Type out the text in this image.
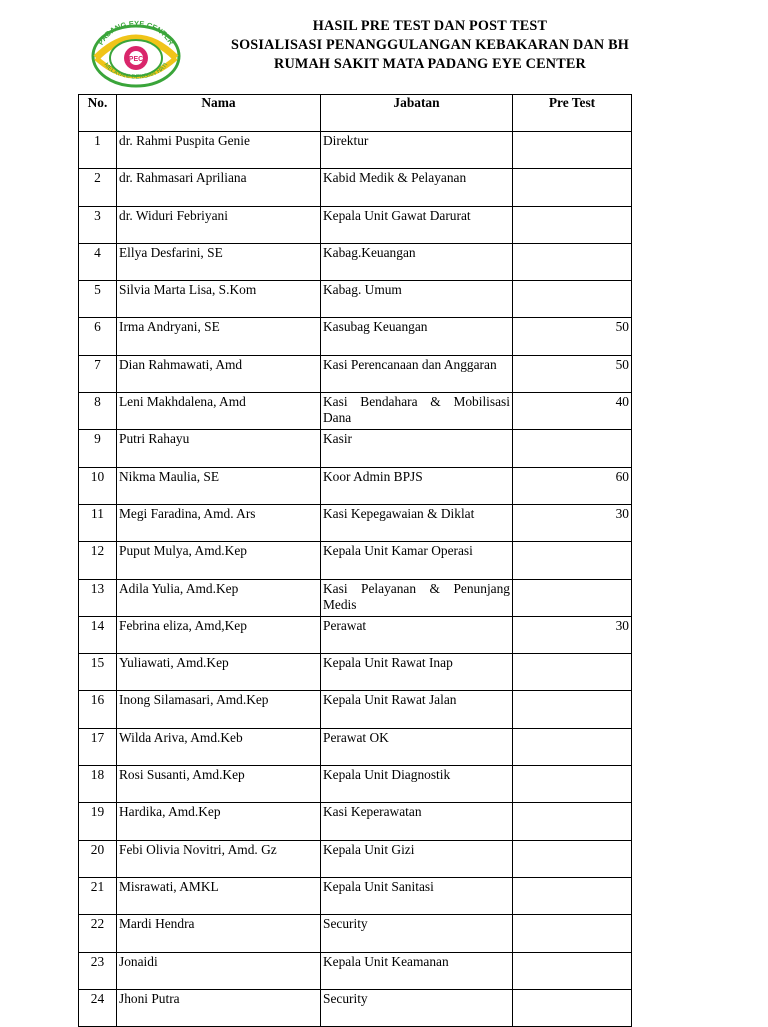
PEC
PADANG EYE CENTER
MELAYANI DENGAN HATI
HASIL PRE TEST DAN POST TEST
SOSIALISASI PENANGGULANGAN KEBAKARAN DAN BH
RUMAH SAKIT MATA PADANG EYE CENTER
No.	Nama	Jabatan	Pre Test
1	dr. Rahmi Puspita Genie	Direktur	
2	dr. Rahmasari Apriliana	Kabid Medik & Pelayanan	
3	dr. Widuri Febriyani	Kepala Unit Gawat Darurat	
4	Ellya Desfarini, SE	Kabag.Keuangan	
5	Silvia Marta Lisa, S.Kom	Kabag. Umum	
6	Irma Andryani, SE	Kasubag Keuangan	50
7	Dian Rahmawati, Amd	Kasi Perencanaan dan Anggaran	50
8	Leni Makhdalena, Amd	Kasi Bendahara & Mobilisasi Dana	40
9	Putri Rahayu	Kasir	
10	Nikma Maulia, SE	Koor Admin BPJS	60
11	Megi Faradina, Amd. Ars	Kasi Kepegawaian & Diklat	30
12	Puput Mulya, Amd.Kep	Kepala Unit Kamar Operasi	
13	Adila Yulia, Amd.Kep	Kasi Pelayanan & Penunjang Medis	
14	Febrina eliza, Amd,Kep	Perawat	30
15	Yuliawati, Amd.Kep	Kepala Unit Rawat Inap	
16	Inong Silamasari, Amd.Kep	Kepala Unit Rawat Jalan	
17	Wilda Ariva, Amd.Keb	Perawat OK	
18	Rosi Susanti, Amd.Kep	Kepala Unit Diagnostik	
19	Hardika, Amd.Kep	Kasi Keperawatan	
20	Febi Olivia Novitri, Amd. Gz	Kepala Unit Gizi	
21	Misrawati, AMKL	Kepala Unit Sanitasi	
22	Mardi Hendra	Security	
23	Jonaidi	Kepala Unit Keamanan	
24	Jhoni Putra	Security	
